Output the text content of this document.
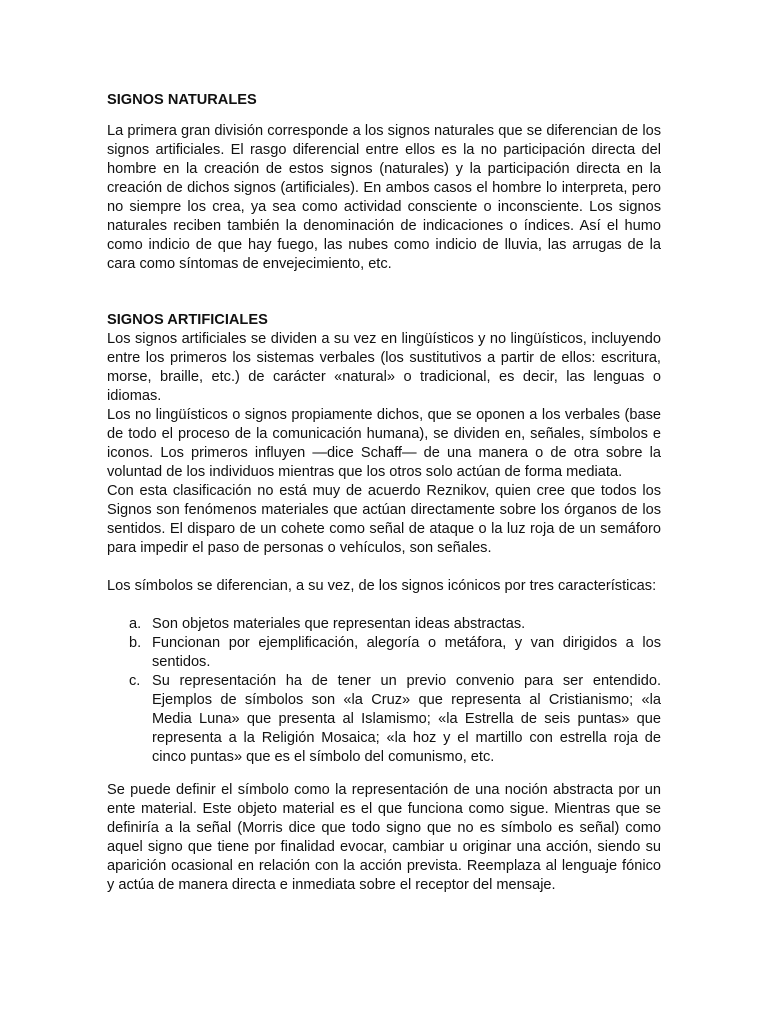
SIGNOS NATURALES

La primera gran división corresponde a los signos naturales que se diferencian de los signos artificiales. El rasgo diferencial entre ellos es la no participación directa del hombre en la creación de estos signos (naturales) y la participación directa en la creación de dichos signos (artificiales). En ambos casos el hombre lo interpreta, pero no siempre los crea, ya sea como actividad consciente o inconsciente. Los signos naturales reciben también la denominación de indicaciones o índices. Así el humo como indicio de que hay fuego, las nubes como indicio de lluvia, las arrugas de la cara como síntomas de envejecimiento, etc.

SIGNOS ARTIFICIALES

Los signos artificiales se dividen a su vez en lingüísticos y no lingüísticos, incluyendo entre los primeros los sistemas verbales (los sustitutivos a partir de ellos: escritura, morse, braille, etc.) de carácter «natural» o tradicional, es decir, las lenguas o idiomas.

Los no lingüísticos o signos propiamente dichos, que se oponen a los verbales (base de todo el proceso de la comunicación humana), se dividen en, señales, símbolos e iconos. Los primeros influyen —dice Schaff— de una manera o de otra sobre la voluntad de los individuos mientras que los otros solo actúan de forma mediata.

Con esta clasificación no está muy de acuerdo Reznikov, quien cree que todos los Signos son fenómenos materiales que actúan directamente sobre los órganos de los sentidos. El disparo de un cohete como señal de ataque o la luz roja de un semáforo para impedir el paso de personas o vehículos, son señales.

Los símbolos se diferencian, a su vez, de los signos icónicos por tres características:

a. Son objetos materiales que representan ideas abstractas.
b. Funcionan por ejemplificación, alegoría o metáfora, y van dirigidos a los sentidos.
c. Su representación ha de tener un previo convenio para ser entendido. Ejemplos de símbolos son «la Cruz» que representa al Cristianismo; «la Media Luna» que presenta al Islamismo; «la Estrella de seis puntas» que representa a la Religión Mosaica; «la hoz y el martillo con estrella roja de cinco puntas» que es el símbolo del comunismo, etc.

Se puede definir el símbolo como la representación de una noción abstracta por un ente material. Este objeto material es el que funciona como sigue. Mientras que se definiría a la señal (Morris dice que todo signo que no es símbolo es señal) como aquel signo que tiene por finalidad evocar, cambiar u originar una acción, siendo su aparición ocasional en relación con la acción prevista. Reemplaza al lenguaje fónico y actúa de manera directa e inmediata sobre el receptor del mensaje.
